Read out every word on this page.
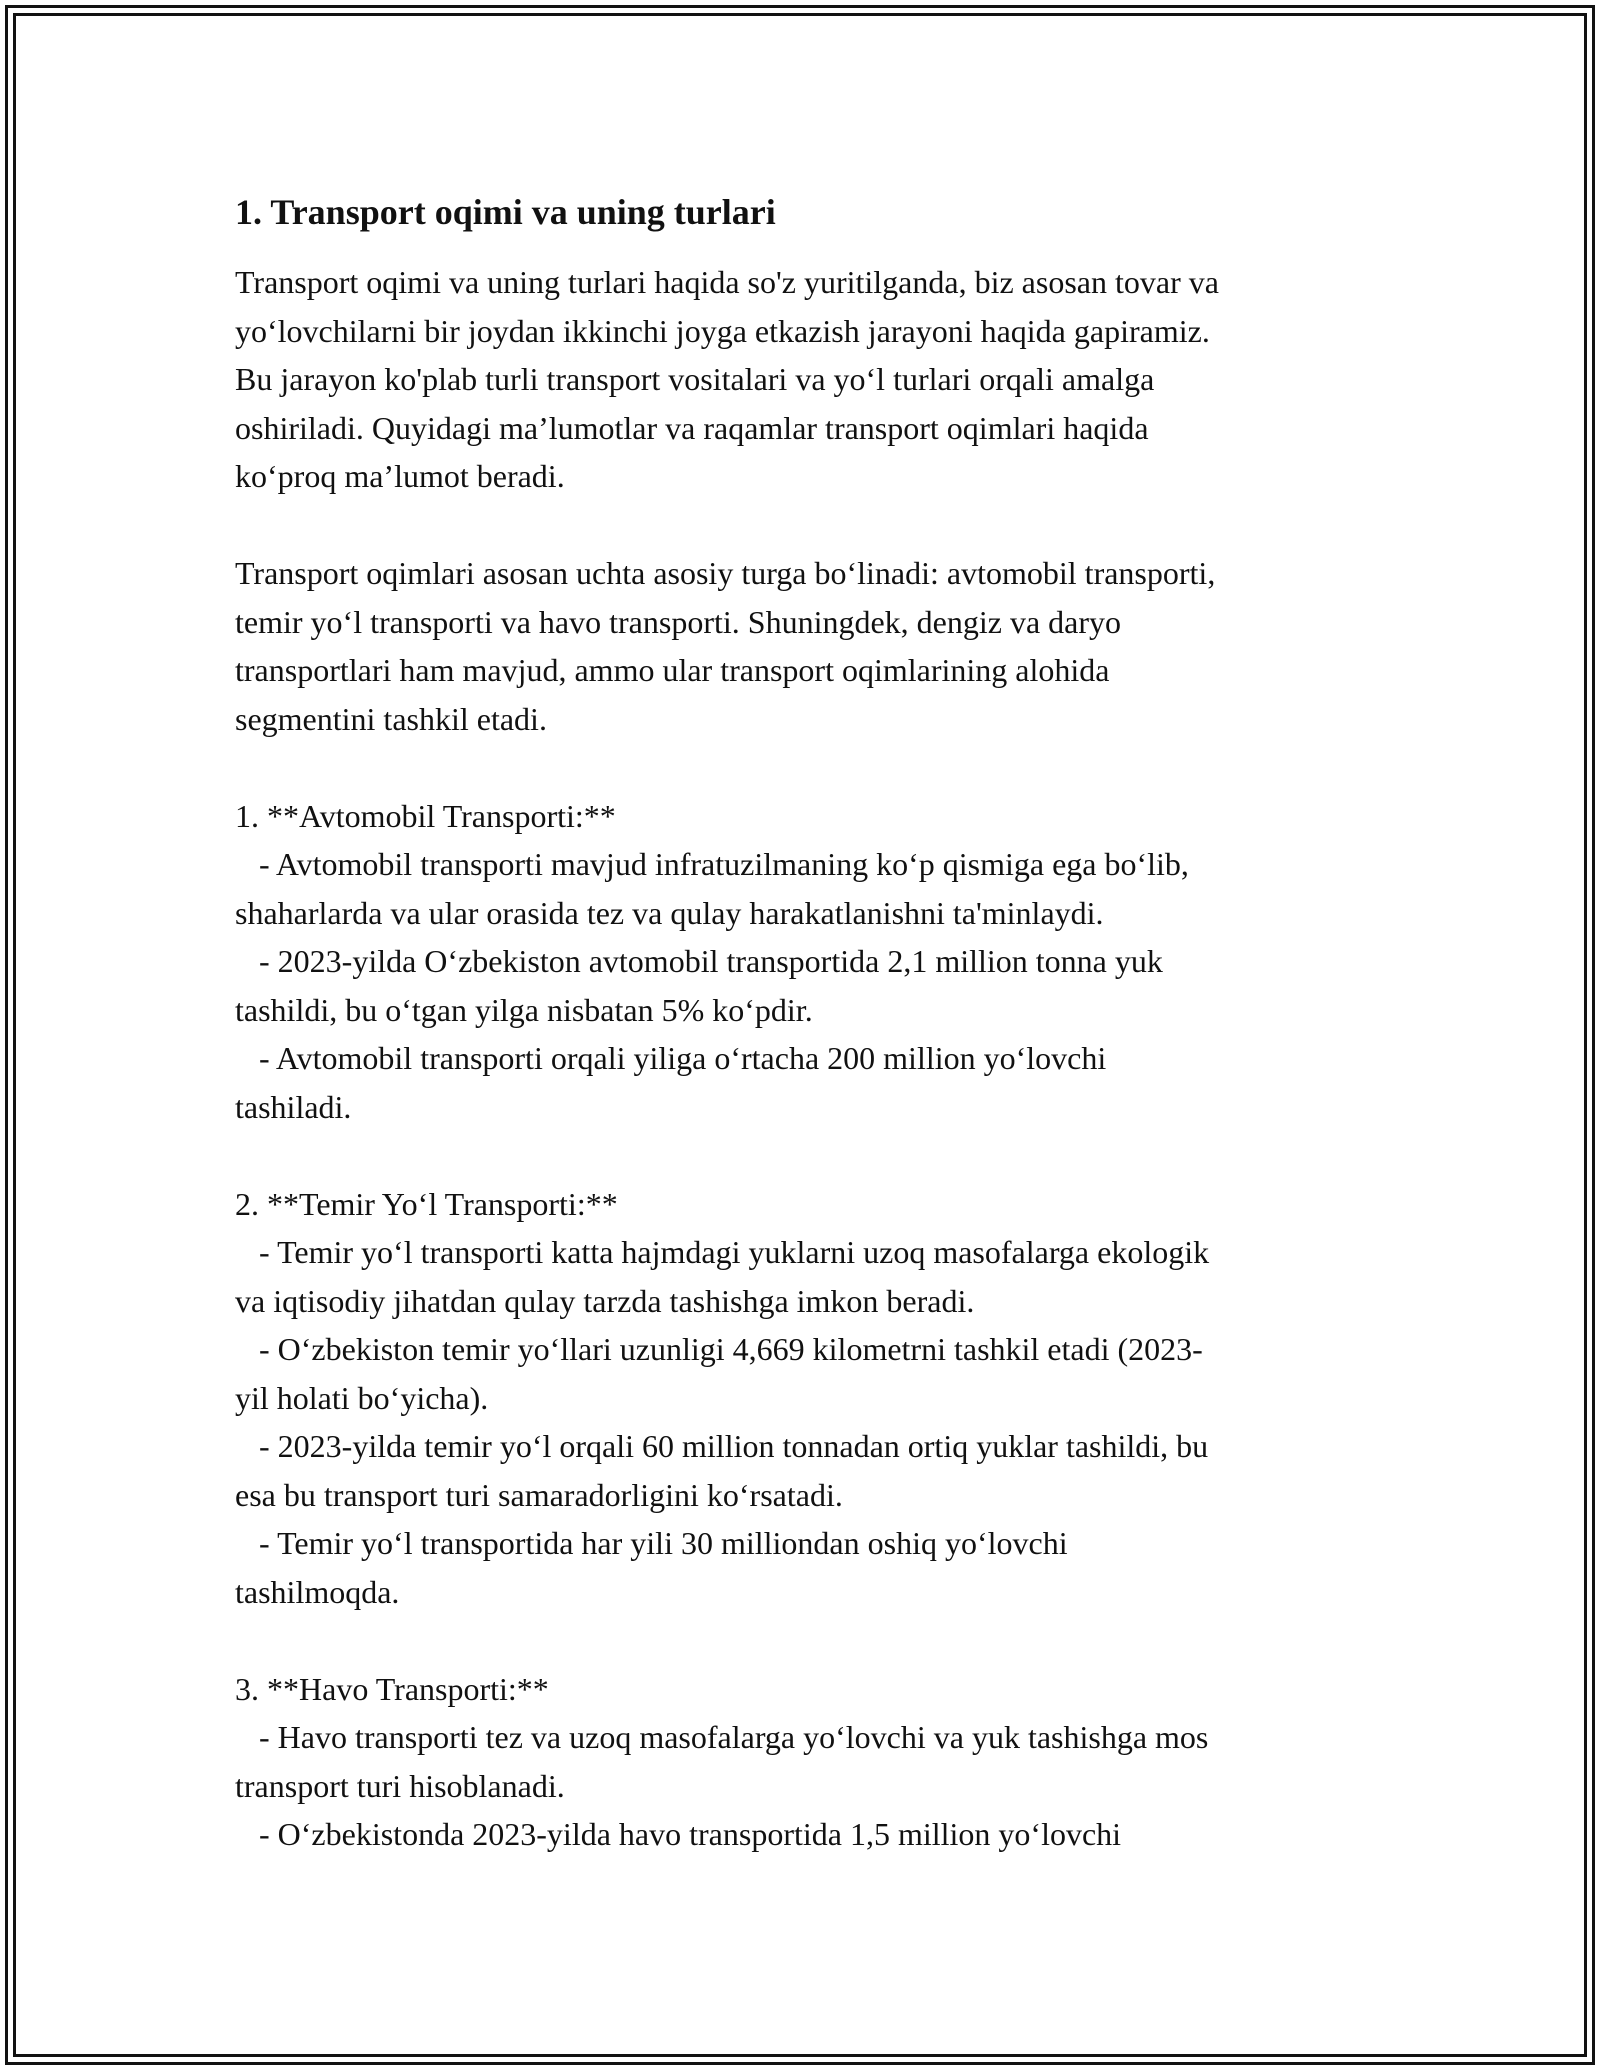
1. Transport oqimi va uning turlari

Transport oqimi va uning turlari haqida so'z yuritilganda, biz asosan tovar va
yo‘lovchilarni bir joydan ikkinchi joyga etkazish jarayoni haqida gapiramiz.
Bu jarayon ko'plab turli transport vositalari va yo‘l turlari orqali amalga
oshiriladi. Quyidagi ma’lumotlar va raqamlar transport oqimlari haqida
ko‘proq ma’lumot beradi.

Transport oqimlari asosan uchta asosiy turga bo‘linadi: avtomobil transporti,
temir yo‘l transporti va havo transporti. Shuningdek, dengiz va daryo
transportlari ham mavjud, ammo ular transport oqimlarining alohida
segmentini tashkil etadi.

1. **Avtomobil Transporti:**
- Avtomobil transporti mavjud infratuzilmaning ko‘p qismiga ega bo‘lib,
shaharlarda va ular orasida tez va qulay harakatlanishni ta'minlaydi.
- 2023-yilda O‘zbekiston avtomobil transportida 2,1 million tonna yuk
tashildi, bu o‘tgan yilga nisbatan 5% ko‘pdir.
- Avtomobil transporti orqali yiliga o‘rtacha 200 million yo‘lovchi
tashiladi.

2. **Temir Yo‘l Transporti:**
- Temir yo‘l transporti katta hajmdagi yuklarni uzoq masofalarga ekologik
va iqtisodiy jihatdan qulay tarzda tashishga imkon beradi.
- O‘zbekiston temir yo‘llari uzunligi 4,669 kilometrni tashkil etadi (2023-
yil holati bo‘yicha).
- 2023-yilda temir yo‘l orqali 60 million tonnadan ortiq yuklar tashildi, bu
esa bu transport turi samaradorligini ko‘rsatadi.
- Temir yo‘l transportida har yili 30 milliondan oshiq yo‘lovchi
tashilmoqda.

3. **Havo Transporti:**
- Havo transporti tez va uzoq masofalarga yo‘lovchi va yuk tashishga mos
transport turi hisoblanadi.
- O‘zbekistonda 2023-yilda havo transportida 1,5 million yo‘lovchi
